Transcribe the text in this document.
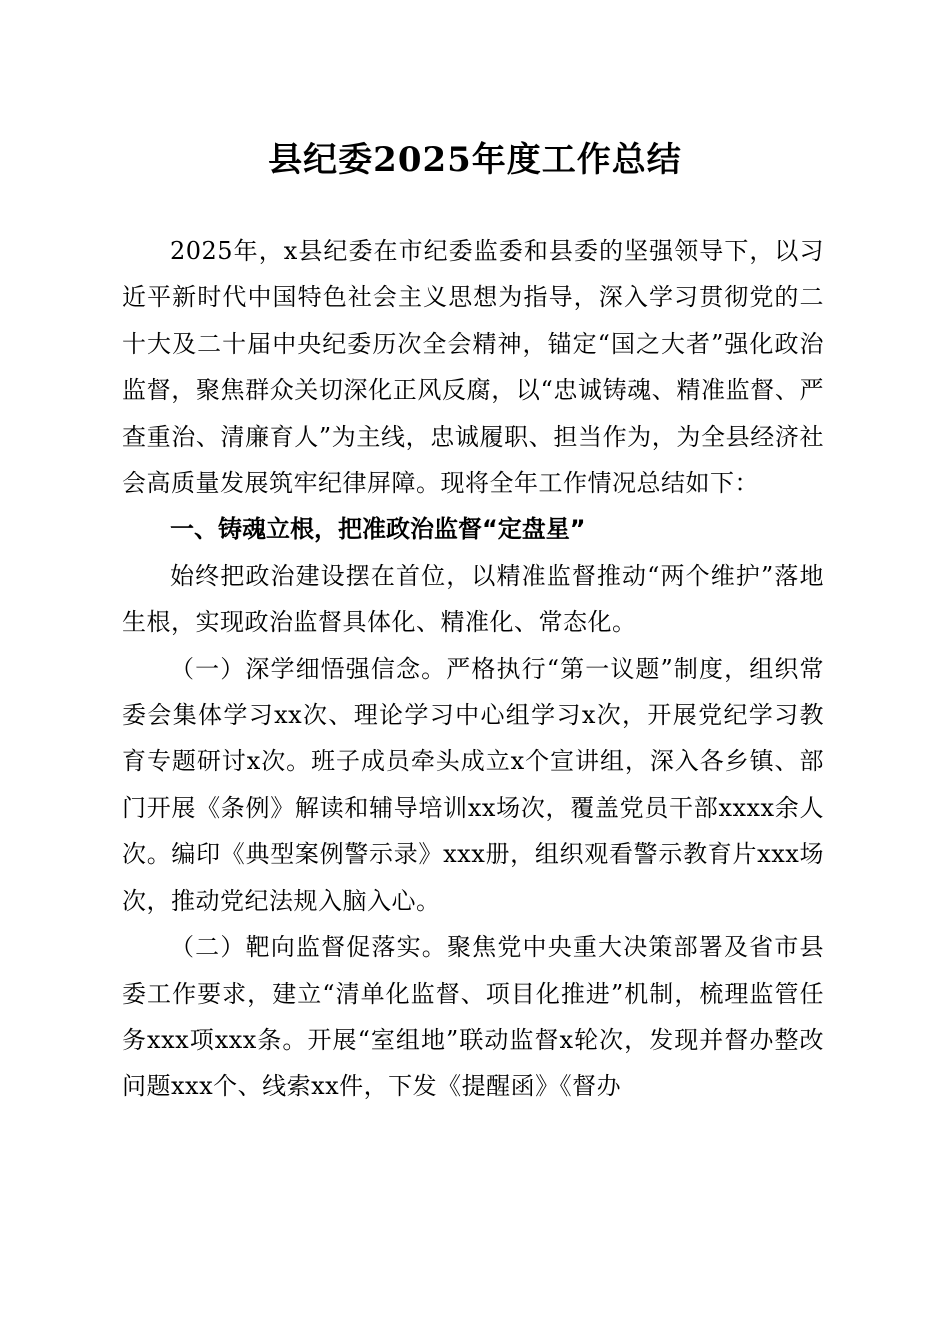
县纪委2025年度工作总结

2025年，x县纪委在市纪委监委和县委的坚强领导下，以习近平新时代中国特色社会主义思想为指导，深入学习贯彻党的二十大及二十届中央纪委历次全会精神，锚定“国之大者”强化政治监督，聚焦群众关切深化正风反腐，以“忠诚铸魂、精准监督、严查重治、清廉育人”为主线，忠诚履职、担当作为，为全县经济社会高质量发展筑牢纪律屏障。现将全年工作情况总结如下：

一、铸魂立根，把准政治监督“定盘星”

始终把政治建设摆在首位，以精准监督推动“两个维护”落地生根，实现政治监督具体化、精准化、常态化。

（一）深学细悟强信念。严格执行“第一议题”制度，组织常委会集体学习xx次、理论学习中心组学习x次，开展党纪学习教育专题研讨x次。班子成员牵头成立x个宣讲组，深入各乡镇、部门开展《条例》解读和辅导培训xx场次，覆盖党员干部xxxx余人次。编印《典型案例警示录》xxx册，组织观看警示教育片xxx场次，推动党纪法规入脑入心。

（二）靶向监督促落实。聚焦党中央重大决策部署及省市县委工作要求，建立“清单化监督、项目化推进”机制，梳理监管任务xxx项xxx条。开展“室组地”联动监督x轮次，发现并督办整改问题xxx个、线索xx件，下发《提醒函》《督办
